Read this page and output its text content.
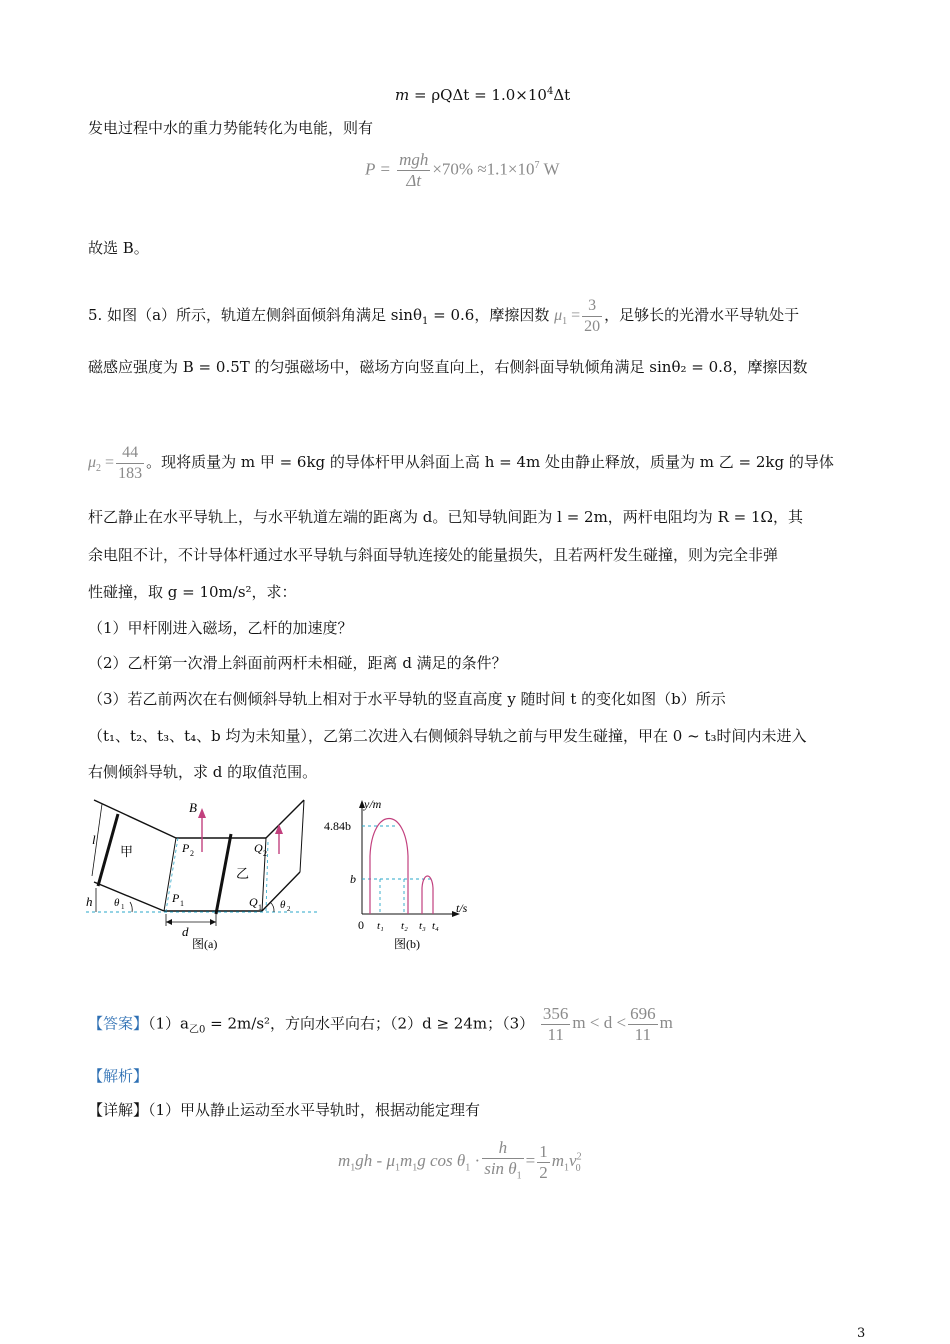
$m = \rho Q\Delta t = 1.0\times 10^4\Delta t$
发电过程中水的重力势能转化为电能，则有
$P = \frac{\text{mgh}}{\Delta t} \times 70\% \approx 1.1\times 10^7$ W
故选 B。
5. 如图（a）所示，轨道左侧斜面倾斜角满足 sinθ$_1$ = 0.6，摩擦因数 $\mu_1 = \frac{3}{20}$ ，足够长的光滑水平导轨处于
磁感应强度为 B = 0.5T 的匀强磁场中，磁场方向竖直向上，右侧斜面导轨倾角满足 sinθ₂ = 0.8，摩擦因数
$\mu_2 = \frac{44}{183}$ 。现将质量为 m 甲 = 6kg 的导体杆甲从斜面上高 h = 4m 处由静止释放，质量为 m 乙 = 2kg 的导体
杆乙静止在水平导轨上，与水平轨道左端的距离为 d。已知导轨间距为 l = 2m，两杆电阻均为 R = 1Ω，其
余电阻不计，不计导体杆通过水平导轨与斜面导轨连接处的能量损失，且若两杆发生碰撞，则为完全非弹
性碰撞，取 g = 10m/s²，求：
（1）甲杆刚进入磁场，乙杆的加速度？
（2）乙杆第一次滑上斜面前两杆未相碰，距离 d 满足的条件？
（3）若乙前两次在右侧倾斜导轨上相对于水平导轨的竖直高度 y 随时间 t 的变化如图（b）所示
（t₁、t₂、t₃、t₄、b 均为未知量），乙第二次进入右侧倾斜导轨之前与甲发生碰撞，甲在 0 ~ t₃时间内未进入
右侧倾斜导轨，求 d 的取值范围。
B
l
甲
乙
P 2	Q 2
P 1	Q 1
h θ 1	θ 2
d
图(a)
y/m
t/s
4.84b
b
0 t₁ t₂ t₃ t₄
图(b)
【答案】$(1)a_{乙0} = 2m/s^2$，方向水平向右；（2）d ≥ 24m；$(3) \frac{356}{11}$ $m < d < \frac{696}{11}$ m
【解析】
【详解】（1）甲从静止运动至水平导轨时，根据动能定理有
$m_1gh - \mu_1m_1g$ $\cos \theta_1 \cdot \frac{h}{\sin \theta_1} = \frac{1}{2} m_1v^2_0$
3
